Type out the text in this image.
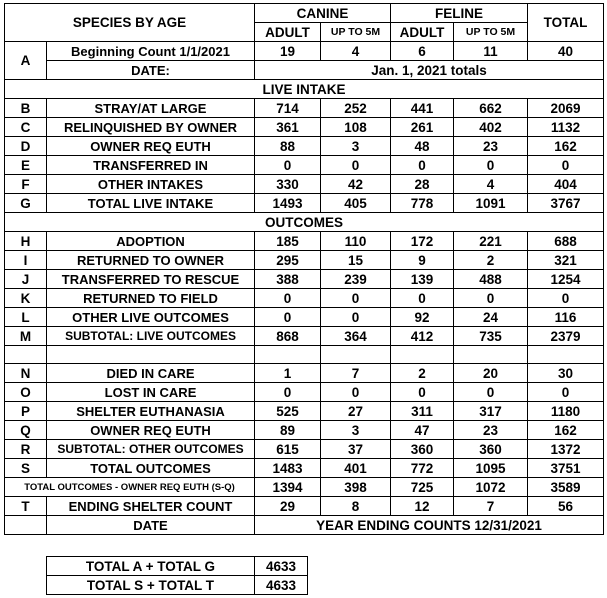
SPECIES BY AGE		CANINE		FELINE		TOTAL
		ADULT	UP TO 5M	ADULT	UP TO 5M	
A	Beginning Count 1/1/2021	19	4	6	11	40
	DATE:	Jan. 1, 2021 totals				
LIVE INTAKE						
B	STRAY/AT LARGE	714	252	441	662	2069
C	RELINQUISHED BY OWNER	361	108	261	402	1132
D	OWNER REQ EUTH	88	3	48	23	162
E	TRANSFERRED IN	0	0	0	0	0
F	OTHER INTAKES	330	42	28	4	404
G	TOTAL LIVE INTAKE	1493	405	778	1091	3767
OUTCOMES						
H	ADOPTION	185	110	172	221	688
I	RETURNED TO OWNER	295	15	9	2	321
J	TRANSFERRED TO RESCUE	388	239	139	488	1254
K	RETURNED TO FIELD	0	0	0	0	0
L	OTHER LIVE OUTCOMES	0	0	92	24	116
M	SUBTOTAL: LIVE OUTCOMES	868	364	412	735	2379

N	DIED IN CARE	1	7	2	20	30
O	LOST IN CARE	0	0	0	0	0
P	SHELTER EUTHANASIA	525	27	311	317	1180
Q	OWNER REQ EUTH	89	3	47	23	162
R	SUBTOTAL: OTHER OUTCOMES	615	37	360	360	1372
S	TOTAL OUTCOMES	1483	401	772	1095	3751
TOTAL OUTCOMES - OWNER REQ EUTH (S-Q)		1394	398	725	1072	3589
T	ENDING SHELTER COUNT	29	8	12	7	56
	DATE	YEAR ENDING COUNTS 12/31/2021				
TOTAL A + TOTAL G	4633
TOTAL S + TOTAL T	4633
